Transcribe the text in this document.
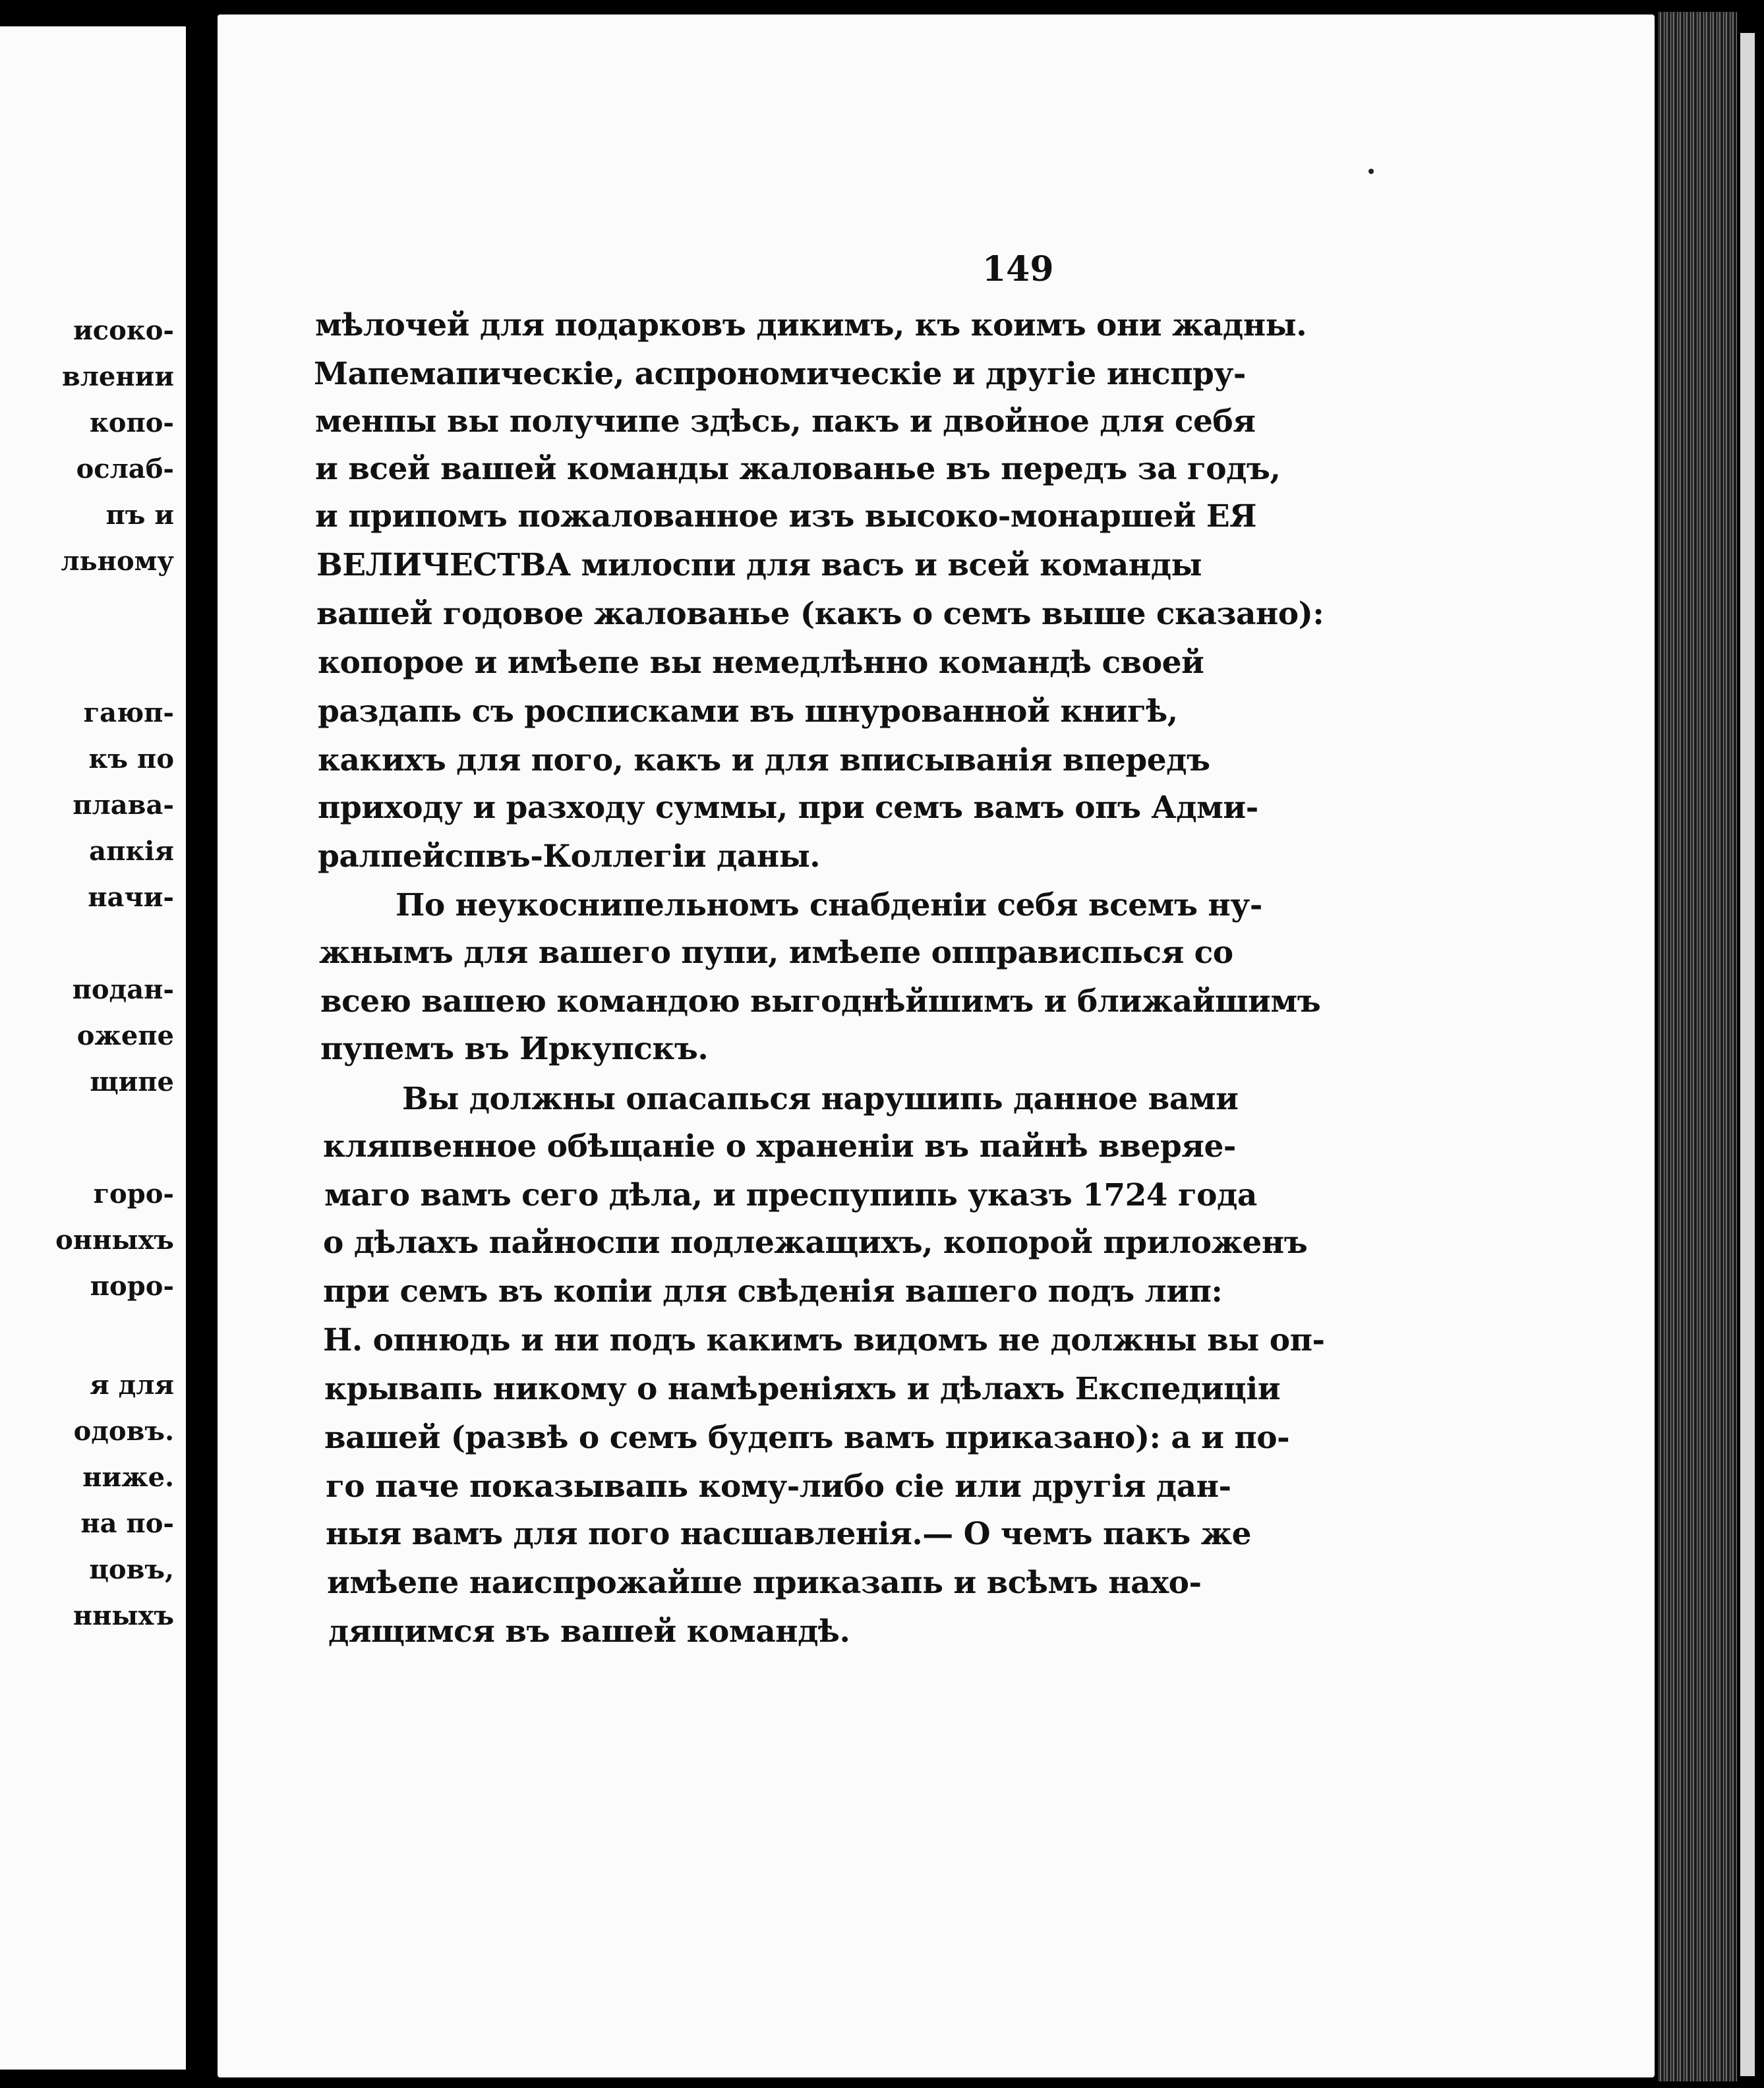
исоко-
влении
копо-
ослаб-
пъ и
льному
гаюп-
къ по
плава-
апкія
начи-
подан-
ожепе
щипе
горо-
онныхъ
поро-
я для
одовъ.
ниже.
на по-
цовъ,
нныхъ
149
мѣлочей для подарковъ дикимъ, къ коимъ они жадны.
Мапемапическіе, аспрономическіе и другіе инспру-
менпы вы получипе здѣсь, пакъ и двойное для себя
и всей вашей команды жалованье въ передъ за годъ,
и припомъ пожалованное изъ высоко-монаршей ЕЯ
ВЕЛИЧЕСТВА милоспи для васъ и всей команды
вашей годовое жалованье (какъ о семъ выше сказано):
копорое и имѣепе вы немедлѣнно командѣ своей
раздапь съ росписками въ шнурованной книгѣ,
какихъ для пого, какъ и для вписыванія впередъ
приходу и разходу суммы, при семъ вамъ опъ Адми-
ралпейспвъ-Коллегіи даны.
По неукоснипельномъ снабденіи себя всемъ ну-
жнымъ для вашего пупи, имѣепе опправиспься со
всею вашею командою выгоднѣйшимъ и ближайшимъ
пупемъ въ Иркупскъ.
Вы должны опасапься нарушипь данное вами
кляпвенное обѣщаніе о храненіи въ пайнѣ вверяе-
маго вамъ сего дѣла, и преспупипь указъ 1724 года
о дѣлахъ пайноспи подлежащихъ, копорой приложенъ
при семъ въ копіи для свѣденія вашего подъ лип:
Н. опнюдь и ни подъ какимъ видомъ не должны вы оп-
крывапь никому о намѣреніяхъ и дѣлахъ Експедиціи
вашей (развѣ о семъ будепъ вамъ приказано): а и по-
го паче показывапь кому-либо сіе или другія дан-
ныя вамъ для пого насшавленія.— О чемъ пакъ же
имѣепе наиспрожайше приказапь и всѣмъ нахо-
дящимся въ вашей командѣ.
